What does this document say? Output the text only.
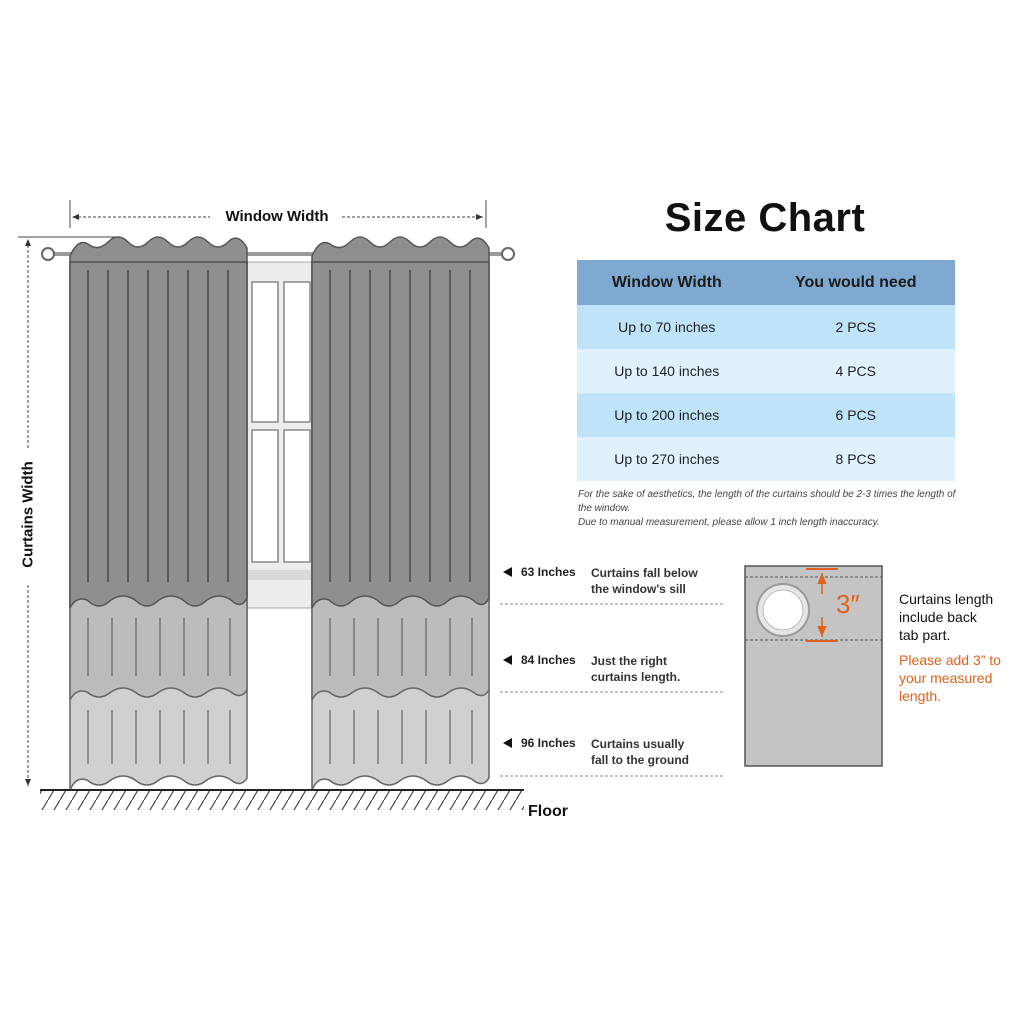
Window Width
Curtains Width
Floor
63 Inches Curtains fall below
the window's sill
84 Inches Just the right
curtains length.
96 Inches Curtains usually
fall to the ground
Size Chart
Window Width	You would need
Up to 70 inches	2 PCS
Up to 140 inches	4 PCS
Up to 200 inches	6 PCS
Up to 270 inches	8 PCS
For the sake of aesthetics, the length of the curtains should be 2-3 times the length of the window.
Due to manual measurement, please allow 1 inch length inaccuracy.
3″	Curtains length
include back
tab part.
Please add 3” to
your measured
length.
